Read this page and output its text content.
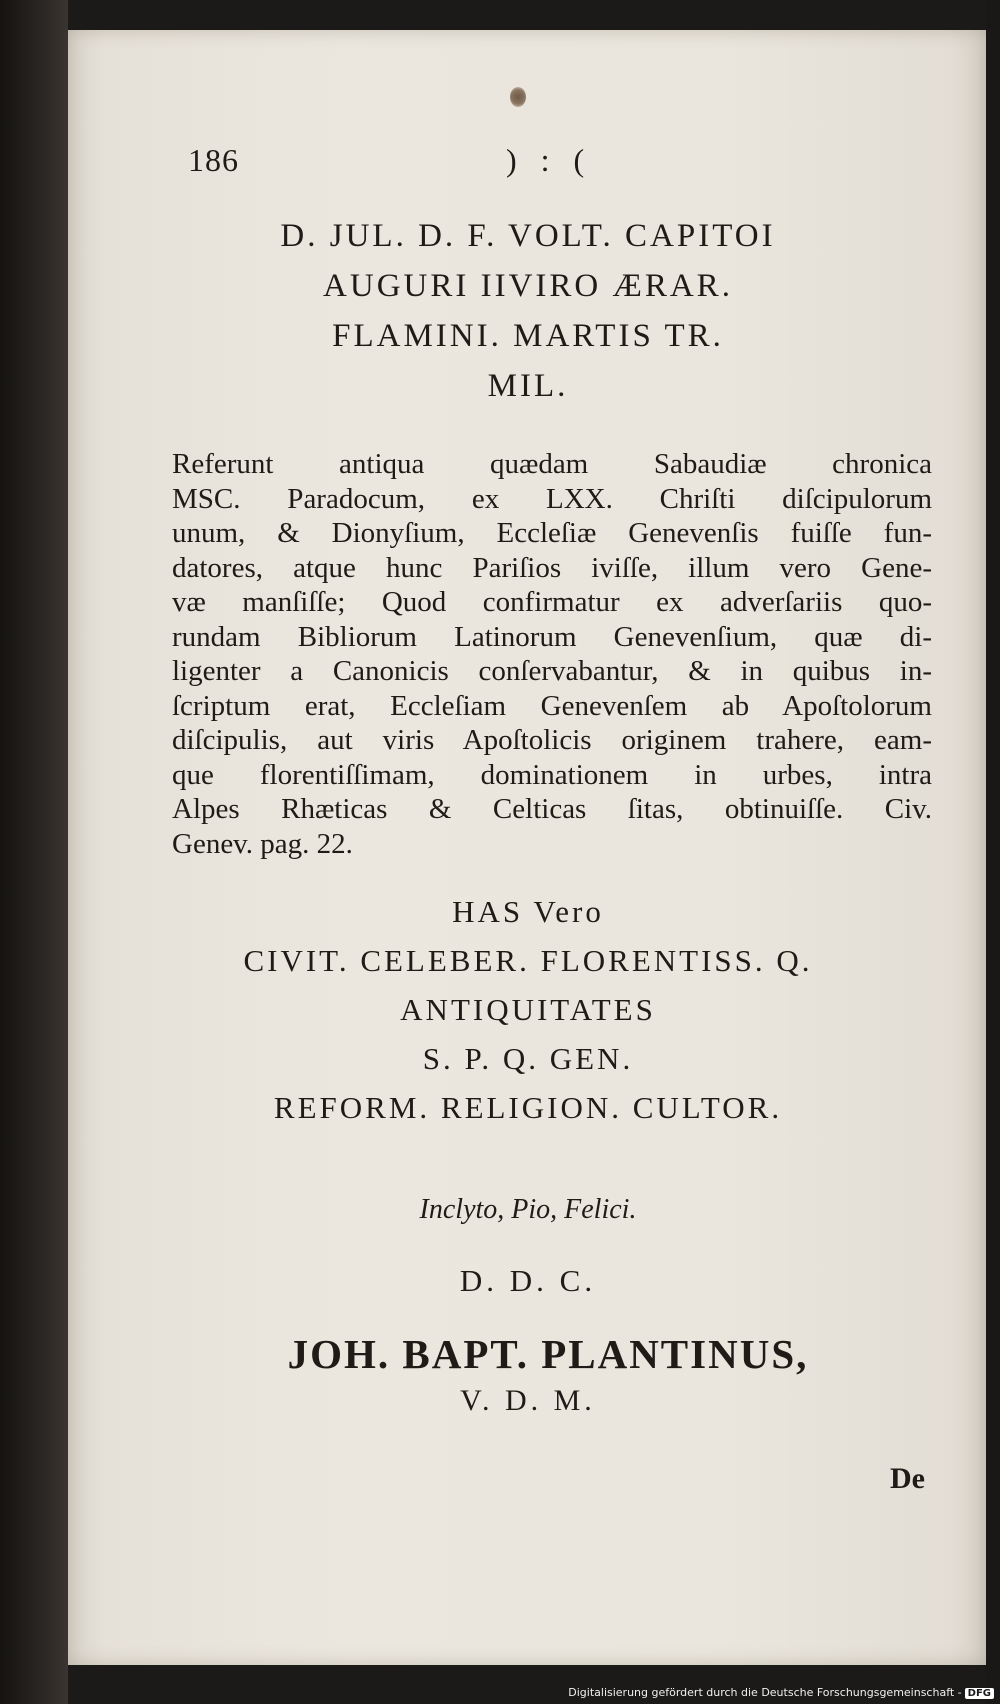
186	) : (
D. JUL. D. F. VOLT. CAPITOI
AUGURI IIVIRO ÆRAR.
FLAMINI. MARTIS TR.
MIL.
Referunt antiqua quædam Sabaudiæ chronica
MSC. Paradocum, ex LXX. Chriſti diſcipulorum
unum, & Dionyſium, Eccleſiæ Genevenſis fuiſſe fun-
datores, atque hunc Pariſios iviſſe, illum vero Gene-
væ manſiſſe; Quod confirmatur ex adverſariis quo-
rundam Bibliorum Latinorum Genevenſium, quæ di-
ligenter a Canonicis conſervabantur, & in quibus in-
ſcriptum erat, Eccleſiam Genevenſem ab Apoſtolorum
diſcipulis, aut viris Apoſtolicis originem trahere, eam-
que florentiſſimam, dominationem in urbes, intra
Alpes Rhæticas & Celticas ſitas, obtinuiſſe. Civ.
Genev. pag. 22.
HAS Vero
CIVIT. CELEBER. FLORENTISS. Q.
ANTIQUITATES
S. P. Q. GEN.
REFORM. RELIGION. CULTOR.
Inclyto, Pio, Felici.
D. D. C.
JOH. BAPT. PLANTINUS,
V. D. M.
De
Digitalisierung gefördert durch die Deutsche Forschungsgemeinschaft - DFG
